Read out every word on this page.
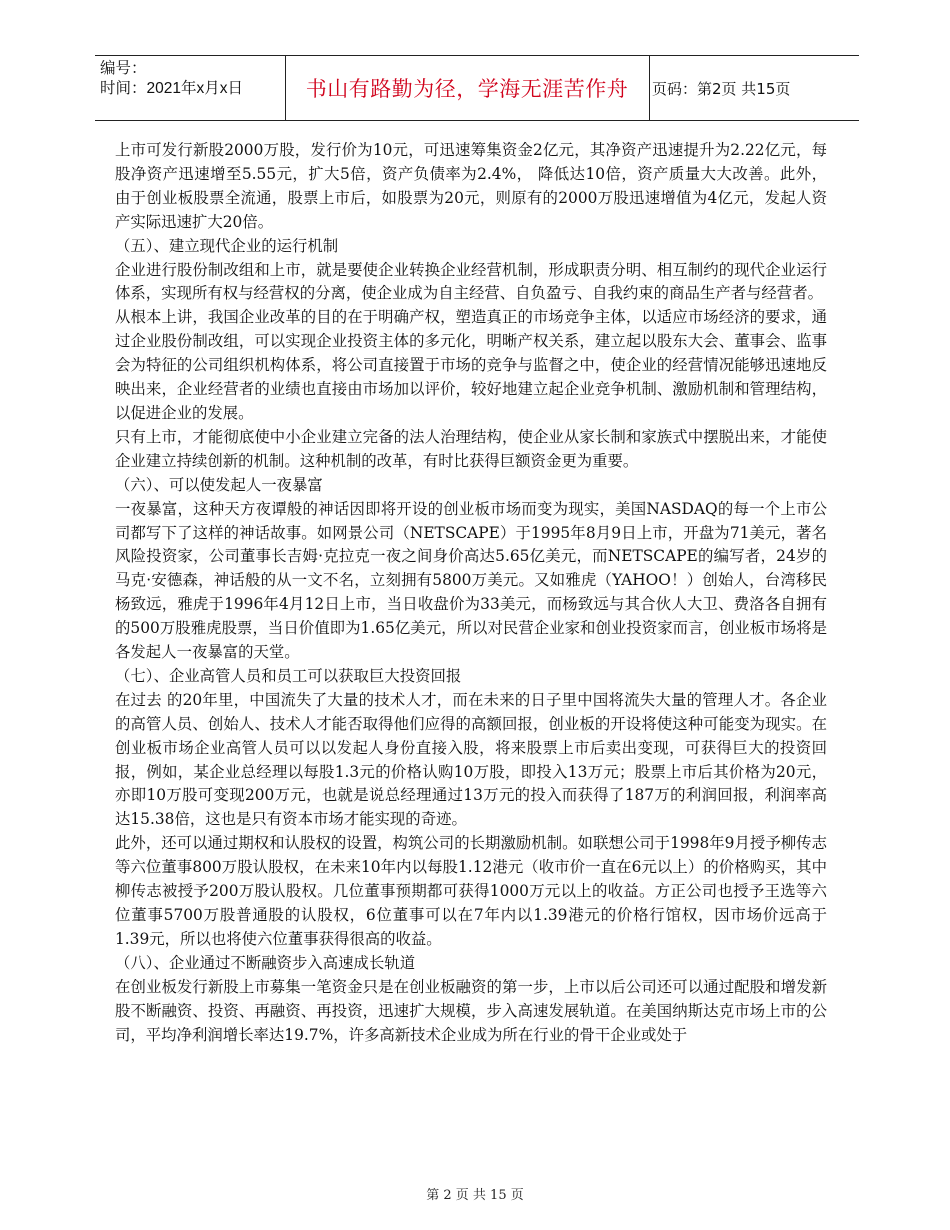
编号：
时间：2021年x月x日	书山有路勤为径，学海无涯苦作舟	页码：第2页 共15页

上市可发行新股2000万股，发行价为10元，可迅速筹集资金2亿元，其净资产迅速提升为2.22亿元，每股净资产迅速增至5.55元，扩大5倍，资产负债率为2.4%， 降低达10倍，资产质量大大改善。此外， 由于创业板股票全流通，股票上市后，如股票为20元，则原有的2000万股迅速增值为4亿元，发起人资产实际迅速扩大20倍。

（五）、建立现代企业的运行机制

企业进行股份制改组和上市，就是要使企业转换企业经营机制，形成职责分明、相互制约的现代企业运行体系，实现所有权与经营权的分离，使企业成为自主经营、自负盈亏、自我约束的商品生产者与经营者。

从根本上讲，我国企业改革的目的在于明确产权，塑造真正的市场竞争主体，以适应市场经济的要求，通过企业股份制改组，可以实现企业投资主体的多元化，明晰产权关系，建立起以股东大会、董事会、监事会为特征的公司组织机构体系，将公司直接置于市场的竞争与监督之中，使企业的经营情况能够迅速地反映出来，企业经营者的业绩也直接由市场加以评价，较好地建立起企业竞争机制、激励机制和管理结构，以促进企业的发展。

只有上市，才能彻底使中小企业建立完备的法人治理结构，使企业从家长制和家族式中摆脱出来，才能使企业建立持续创新的机制。这种机制的改革，有时比获得巨额资金更为重要。

（六）、可以使发起人一夜暴富

一夜暴富，这种天方夜谭般的神话因即将开设的创业板市场而变为现实，美国NASDAQ的每一个上市公司都写下了这样的神话故事。如网景公司（NETSCAPE）于1995年8月9日上市，开盘为71美元，著名风险投资家，公司董事长吉姆·克拉克一夜之间身价高达5.65亿美元，而NETSCAPE的编写者，24岁的马克·安德森，神话般的从一文不名，立刻拥有5800万美元。又如雅虎（YAHOO！）创始人，台湾移民杨致远，雅虎于1996年4月12日上市，当日收盘价为33美元，而杨致远与其合伙人大卫、费洛各自拥有的500万股雅虎股票，当日价值即为1.65亿美元，所以对民营企业家和创业投资家而言，创业板市场将是各发起人一夜暴富的天堂。

（七）、企业高管人员和员工可以获取巨大投资回报

在过去 的20年里，中国流失了大量的技术人才，而在未来的日子里中国将流失大量的管理人才。各企业的高管人员、创始人、技术人才能否取得他们应得的高额回报，创业板的开设将使这种可能变为现实。在创业板市场企业高管人员可以以发起人身份直接入股，将来股票上市后卖出变现，可获得巨大的投资回报，例如，某企业总经理以每股1.3元的价格认购10万股，即投入13万元；股票上市后其价格为20元，亦即10万股可变现200万元，也就是说总经理通过13万元的投入而获得了187万的利润回报，利润率高达15.38倍，这也是只有资本市场才能实现的奇迹。

此外，还可以通过期权和认股权的设置，构筑公司的长期激励机制。如联想公司于1998年9月授予柳传志等六位董事800万股认股权，在未来10年内以每股1.12港元（收市价一直在6元以上）的价格购买，其中柳传志被授予200万股认股权。几位董事预期都可获得1000万元以上的收益。方正公司也授予王选等六位董事5700万股普通股的认股权，6位董事可以在7年内以1.39港元的价格行馆权，因市场价远高于1.39元，所以也将使六位董事获得很高的收益。

（八）、企业通过不断融资步入高速成长轨道

在创业板发行新股上市募集一笔资金只是在创业板融资的第一步，上市以后公司还可以通过配股和增发新股不断融资、投资、再融资、再投资，迅速扩大规模，步入高速发展轨道。在美国纳斯达克市场上市的公司，平均净利润增长率达19.7%，许多高新技术企业成为所在行业的骨干企业或处于

第 2 页 共 15 页
